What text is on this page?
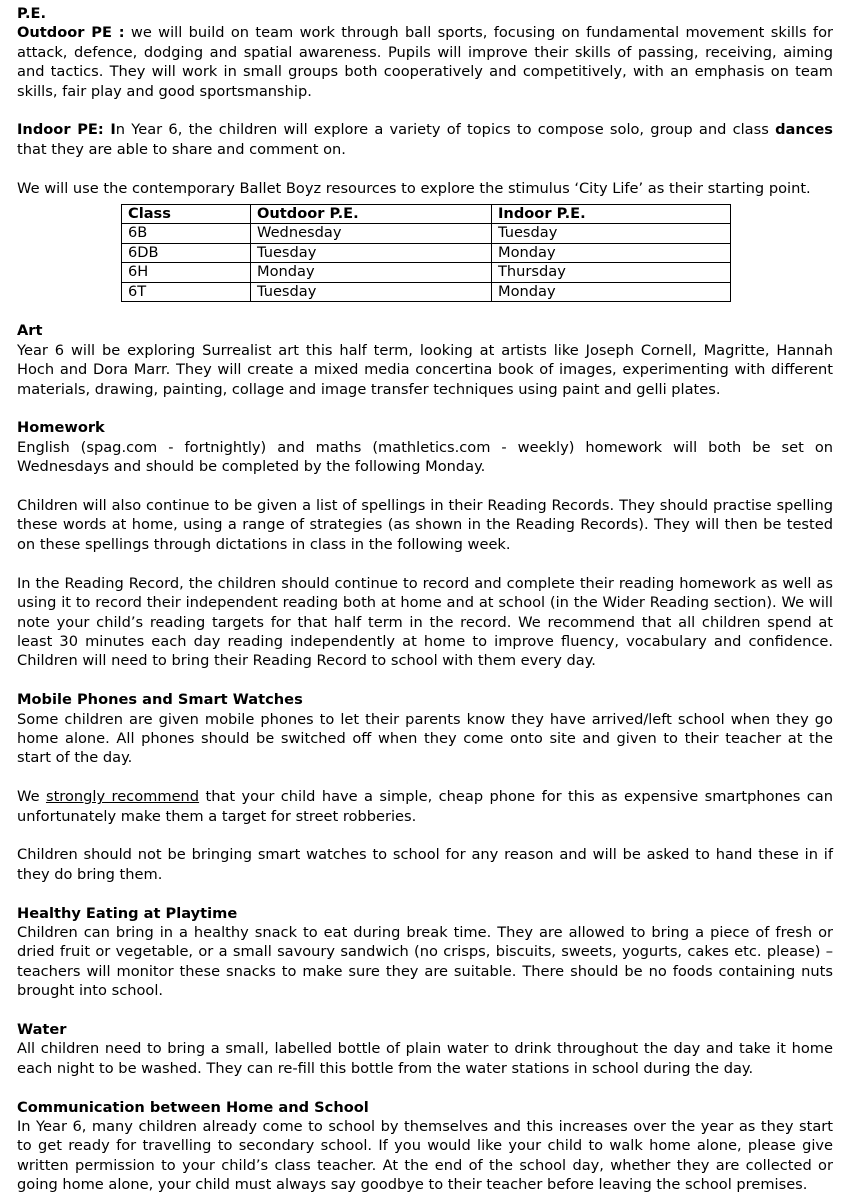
P.E.

Outdoor PE : we will build on team work through ball sports, focusing on fundamental movement skills for attack, defence, dodging and spatial awareness. Pupils will improve their skills of passing, receiving, aiming and tactics. They will work in small groups both cooperatively and competitively, with an emphasis on team skills, fair play and good sportsmanship.

Indoor PE: In Year 6, the children will explore a variety of topics to compose solo, group and class dances that they are able to share and comment on.

We will use the contemporary Ballet Boyz resources to explore the stimulus ‘City Life’ as their starting point.

Class	Outdoor P.E.	Indoor P.E.
6B	Wednesday	Tuesday
6DB	Tuesday	Monday
6H	Monday	Thursday
6T	Tuesday	Monday

Art

Year 6 will be exploring Surrealist art this half term, looking at artists like Joseph Cornell, Magritte, Hannah Hoch and Dora Marr. They will create a mixed media concertina book of images, experimenting with different materials, drawing, painting, collage and image transfer techniques using paint and gelli plates.

Homework

English (spag.com - fortnightly) and maths (mathletics.com - weekly) homework will both be set on Wednesdays and should be completed by the following Monday.

Children will also continue to be given a list of spellings in their Reading Records. They should practise spelling these words at home, using a range of strategies (as shown in the Reading Records). They will then be tested on these spellings through dictations in class in the following week.

In the Reading Record, the children should continue to record and complete their reading homework as well as using it to record their independent reading both at home and at school (in the Wider Reading section). We will note your child’s reading targets for that half term in the record. We recommend that all children spend at least 30 minutes each day reading independently at home to improve fluency, vocabulary and confidence. Children will need to bring their Reading Record to school with them every day.

Mobile Phones and Smart Watches

Some children are given mobile phones to let their parents know they have arrived/left school when they go home alone. All phones should be switched off when they come onto site and given to their teacher at the start of the day.

We strongly recommend that your child have a simple, cheap phone for this as expensive smartphones can unfortunately make them a target for street robberies.

Children should not be bringing smart watches to school for any reason and will be asked to hand these in if they do bring them.

Healthy Eating at Playtime

Children can bring in a healthy snack to eat during break time. They are allowed to bring a piece of fresh or dried fruit or vegetable, or a small savoury sandwich (no crisps, biscuits, sweets, yogurts, cakes etc. please) – teachers will monitor these snacks to make sure they are suitable. There should be no foods containing nuts brought into school.

Water

All children need to bring a small, labelled bottle of plain water to drink throughout the day and take it home each night to be washed. They can re-fill this bottle from the water stations in school during the day.

Communication between Home and School

In Year 6, many children already come to school by themselves and this increases over the year as they start to get ready for travelling to secondary school. If you would like your child to walk home alone, please give written permission to your child’s class teacher. At the end of the school day, whether they are collected or going home alone, your child must always say goodbye to their teacher before leaving the school premises.
